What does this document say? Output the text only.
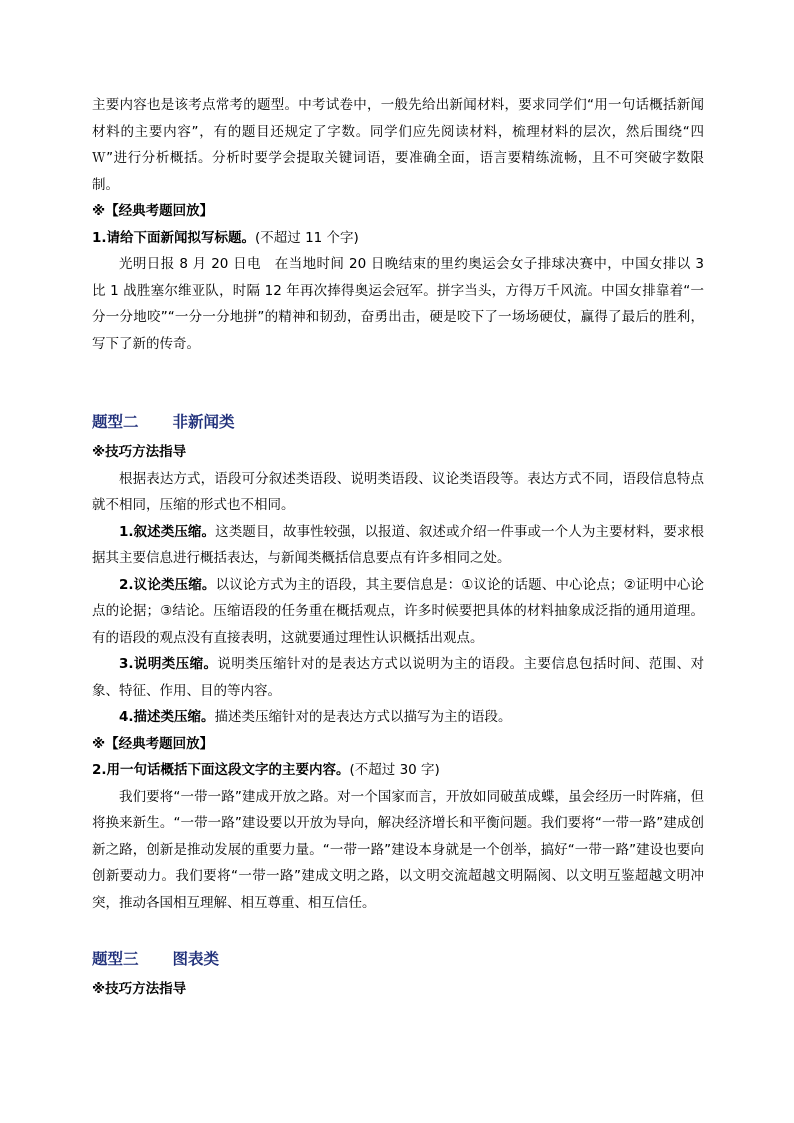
主要内容也是该考点常考的题型。中考试卷中，一般先给出新闻材料，要求同学们“用一句话概括新闻材料的主要内容”，有的题目还规定了字数。同学们应先阅读材料，梳理材料的层次，然后围绕“四Ｗ”进行分析概括。分析时要学会提取关键词语，要准确全面，语言要精练流畅，且不可突破字数限制。

※【经典考题回放】

1.请给下面新闻拟写标题。(不超过 11 个字)

光明日报 8 月 20 日电　在当地时间 20 日晚结束的里约奥运会女子排球决赛中，中国女排以 3 比 1 战胜塞尔维亚队，时隔 12 年再次捧得奥运会冠军。拼字当头，方得万千风流。中国女排靠着“一分一分地咬”“一分一分地拼”的精神和韧劲，奋勇出击，硬是咬下了一场场硬仗，赢得了最后的胜利，写下了新的传奇。

题型二 非新闻类

※技巧方法指导

根据表达方式，语段可分叙述类语段、说明类语段、议论类语段等。表达方式不同，语段信息特点就不相同，压缩的形式也不相同。

1.叙述类压缩。这类题目，故事性较强，以报道、叙述或介绍一件事或一个人为主要材料，要求根据其主要信息进行概括表达，与新闻类概括信息要点有许多相同之处。

2.议论类压缩。以议论方式为主的语段，其主要信息是：①议论的话题、中心论点；②证明中心论点的论据；③结论。压缩语段的任务重在概括观点，许多时候要把具体的材料抽象成泛指的通用道理。有的语段的观点没有直接表明，这就要通过理性认识概括出观点。

3.说明类压缩。说明类压缩针对的是表达方式以说明为主的语段。主要信息包括时间、范围、对象、特征、作用、目的等内容。

4.描述类压缩。描述类压缩针对的是表达方式以描写为主的语段。

※【经典考题回放】

2.用一句话概括下面这段文字的主要内容。(不超过 30 字)

我们要将“一带一路”建成开放之路。对一个国家而言，开放如同破茧成蝶，虽会经历一时阵痛，但将换来新生。“一带一路”建设要以开放为导向，解决经济增长和平衡问题。我们要将“一带一路”建成创新之路，创新是推动发展的重要力量。“一带一路”建设本身就是一个创举，搞好“一带一路”建设也要向创新要动力。我们要将“一带一路”建成文明之路，以文明交流超越文明隔阂、以文明互鉴超越文明冲突，推动各国相互理解、相互尊重、相互信任。

题型三 图表类

※技巧方法指导
